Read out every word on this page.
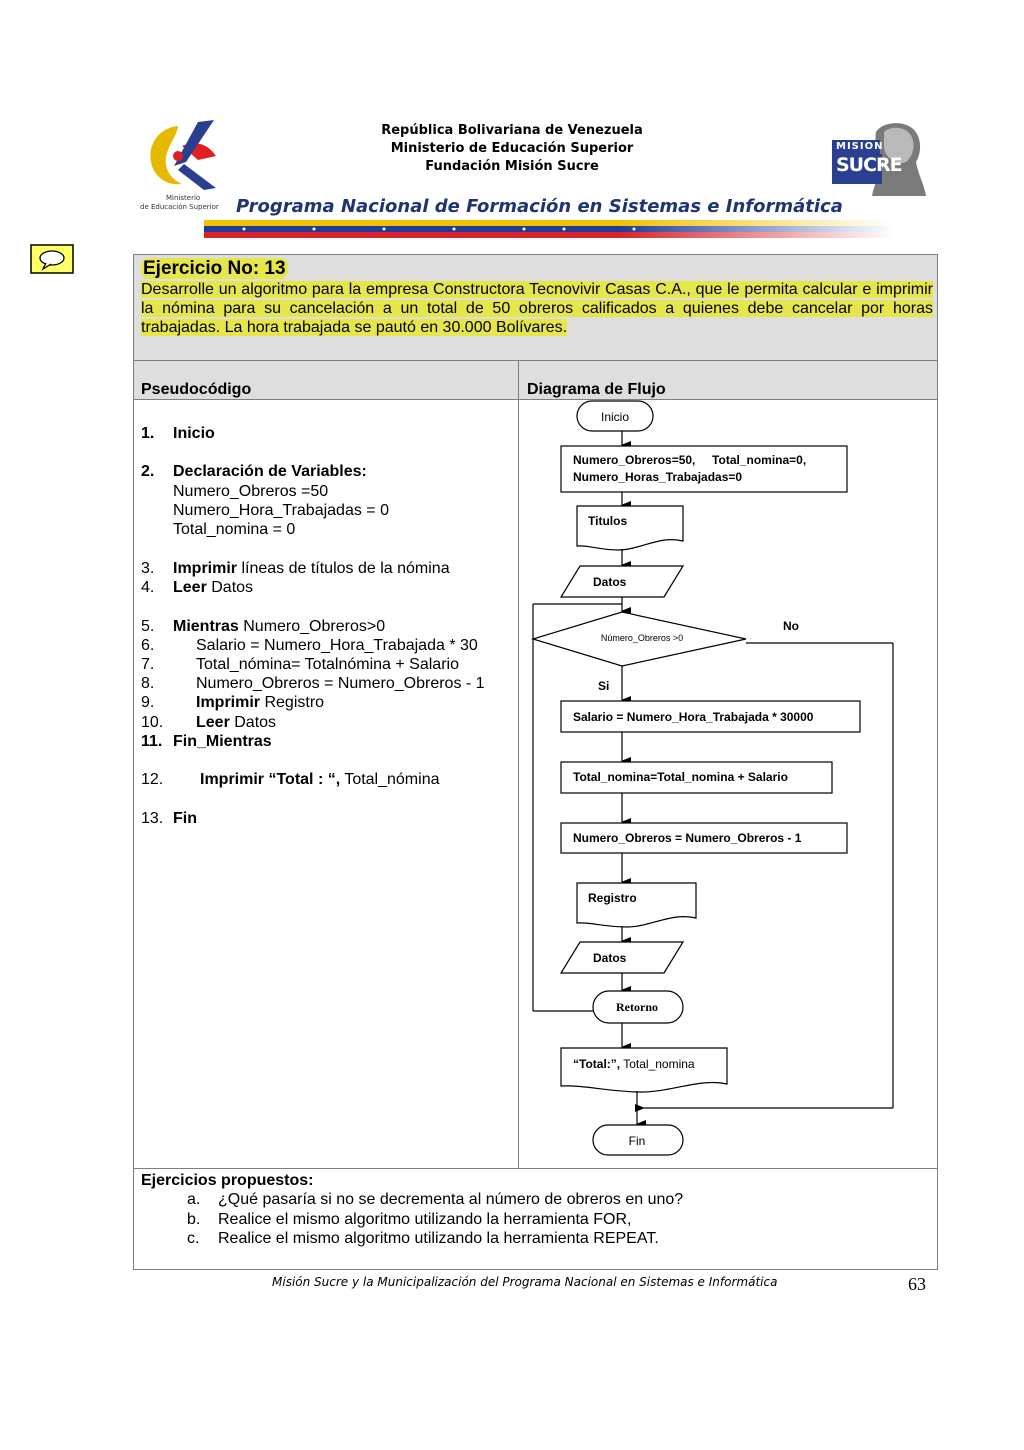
Ministerio
de Educación Superior
República Bolivariana de Venezuela
Ministerio de Educación Superior
Fundación Misión Sucre
MISION
SUCRE
Programa Nacional de Formación en Sistemas e Informática
Ejercicio No: 13
Desarrolle un algoritmo para la empresa Constructora Tecnovivir Casas C.A., que le permita calcular e imprimir la nómina para su cancelación a un total de 50 obreros calificados a quienes debe cancelar por horas trabajadas. La hora trabajada se pautó en 30.000 Bolívares.
Pseudocódigo	Diagrama de Flujo
1. Inicio
2. Declaración de Variables:
Numero_Obreros =50
Numero_Hora_Trabajadas = 0
Total_nomina = 0
3. Imprimir líneas de títulos de la nómina
4. Leer Datos
5. Mientras Numero_Obreros>0
6.	Salario = Numero_Hora_Trabajada * 30
7.	Total_nómina= Totalnómina + Salario
8.	Numero_Obreros = Numero_Obreros - 1
9.	Imprimir Registro
10. Leer Datos
11. Fin_Mientras
12. Imprimir “Total : “, Total_nómina
13. Fin
Inicio
Numero_Obreros=50,     Total_nomina=0,
Numero_Horas_Trabajadas=0
Titulos
Datos
Número_Obreros >0
No
Si
Salario = Numero_Hora_Trabajada * 30000
Total_nomina=Total_nomina + Salario
Numero_Obreros = Numero_Obreros - 1
Registro
Datos
Retorno
“Total:”, Total_nomina
Fin
Ejercicios propuestos:
a. ¿Qué pasaría si no se decrementa al número de obreros en uno?
b. Realice el mismo algoritmo utilizando la herramienta FOR,
c. Realice el mismo algoritmo utilizando la herramienta REPEAT.
Misión Sucre y la Municipalización del Programa Nacional en Sistemas e Informática	63
